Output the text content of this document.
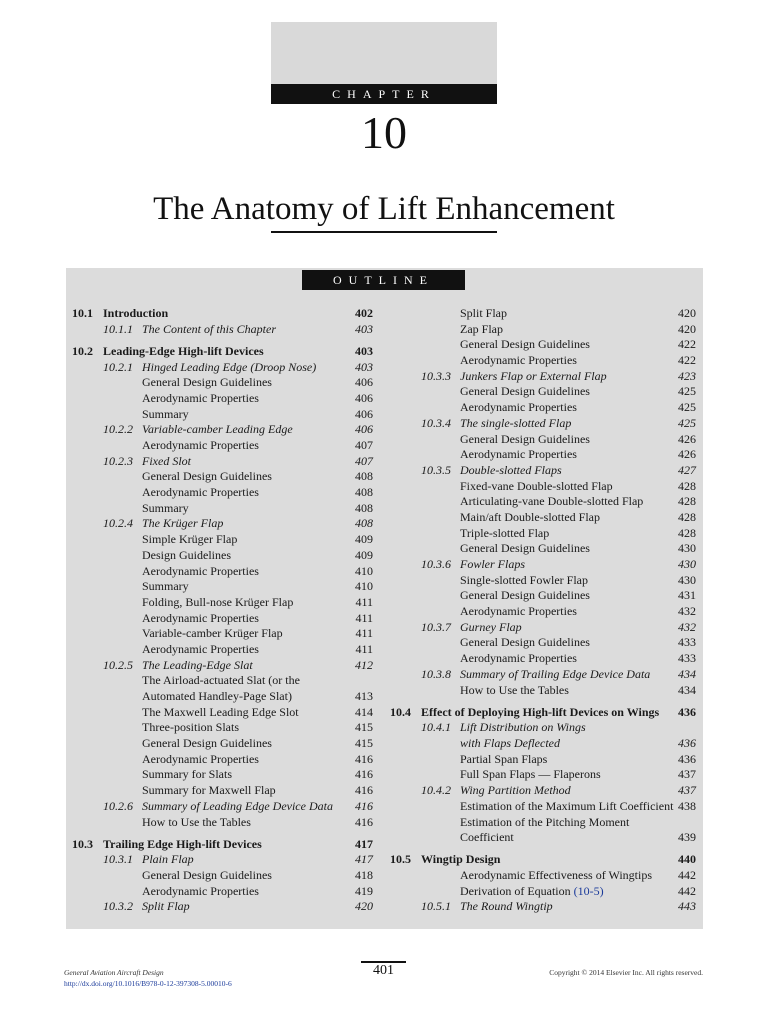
CHAPTER
10
The Anatomy of Lift Enhancement
OUTLINE
10.1 Introduction	402
10.1.1 The Content of this Chapter	403
10.2 Leading-Edge High-lift Devices	403
10.2.1 Hinged Leading Edge (Droop Nose)	403
General Design Guidelines	406
Aerodynamic Properties	406
Summary	406
10.2.2 Variable-camber Leading Edge	406
Aerodynamic Properties	407
10.2.3 Fixed Slot	407
General Design Guidelines	408
Aerodynamic Properties	408
Summary	408
10.2.4 The Krüger Flap	408
Simple Krüger Flap	409
Design Guidelines	409
Aerodynamic Properties	410
Summary	410
Folding, Bull-nose Krüger Flap	411
Aerodynamic Properties	411
Variable-camber Krüger Flap	411
Aerodynamic Properties	411
10.2.5 The Leading-Edge Slat	412
The Airload-actuated Slat (or the
Automated Handley-Page Slat)	413
The Maxwell Leading Edge Slot	414
Three-position Slats	415
General Design Guidelines	415
Aerodynamic Properties	416
Summary for Slats	416
Summary for Maxwell Flap	416
10.2.6 Summary of Leading Edge Device Data 416
How to Use the Tables	416
10.3 Trailing Edge High-lift Devices	417
10.3.1 Plain Flap	417
General Design Guidelines	418
Aerodynamic Properties	419
10.3.2 Split Flap	420
Split Flap	420
Zap Flap	420
General Design Guidelines	422
Aerodynamic Properties	422
10.3.3 Junkers Flap or External Flap	423
General Design Guidelines	425
Aerodynamic Properties	425
10.3.4 The single-slotted Flap	425
General Design Guidelines	426
Aerodynamic Properties	426
10.3.5 Double-slotted Flaps	427
Fixed-vane Double-slotted Flap	428
Articulating-vane Double-slotted Flap	428
Main/aft Double-slotted Flap	428
Triple-slotted Flap	428
General Design Guidelines	430
10.3.6 Fowler Flaps	430
Single-slotted Fowler Flap	430
General Design Guidelines	431
Aerodynamic Properties	432
10.3.7 Gurney Flap	432
General Design Guidelines	433
Aerodynamic Properties	433
10.3.8 Summary of Trailing Edge Device Data 434
How to Use the Tables	434
10.4 Effect of Deploying High-lift Devices on Wings 436
10.4.1 Lift Distribution on Wings
with Flaps Deflected	436
Partial Span Flaps	436
Full Span Flaps — Flaperons	437
10.4.2 Wing Partition Method	437
Estimation of the Maximum Lift Coefficient 438
Estimation of the Pitching Moment
Coefficient	439
10.5 Wingtip Design	440
Aerodynamic Effectiveness of Wingtips 442
Derivation of Equation (10-5)	442
10.5.1 The Round Wingtip	443
General Aviation Aircraft Design
http://dx.doi.org/10.1016/B978-0-12-397308-5.00010-6
401	Copyright © 2014 Elsevier Inc. All rights reserved.
